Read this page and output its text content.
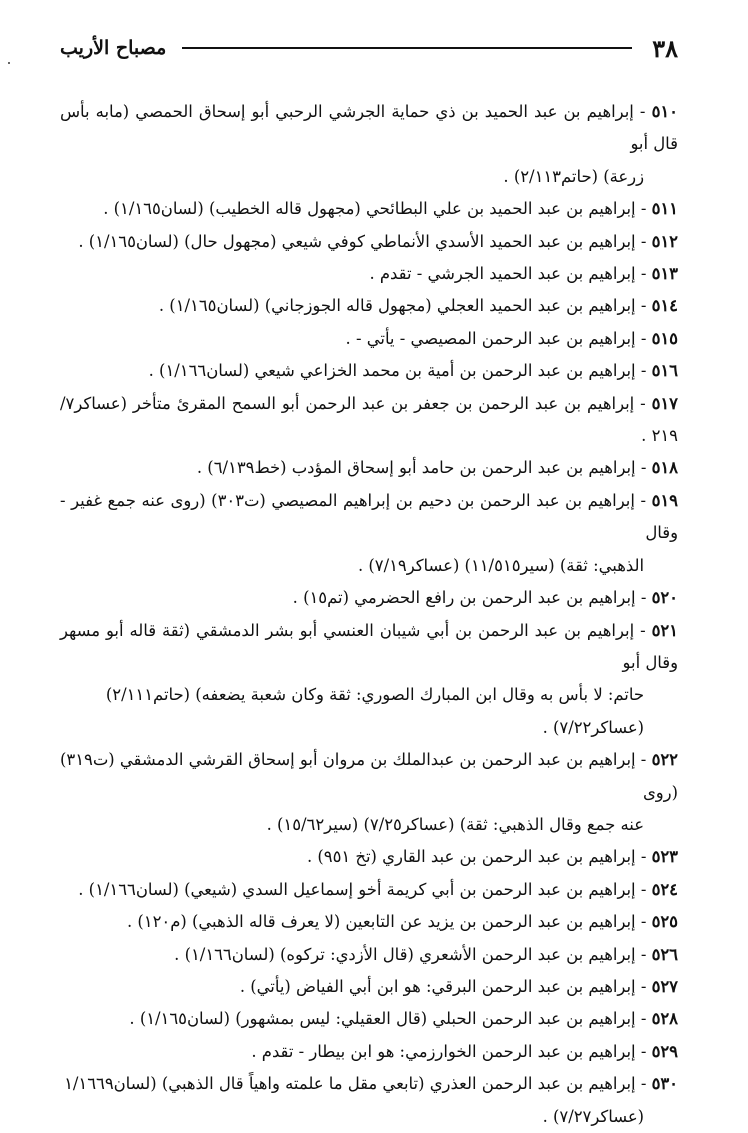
٣٨
مصباح الأريب
٥١٠ - إبراهيم بن عبد الحميد بن ذي حماية الجرشي الرحبي أبو إسحاق الحمصي (مابه بأس قال أبو
زرعة) (حاتم٢/١١٣) .
٥١١ - إبراهيم بن عبد الحميد بن علي البطائحي (مجهول قاله الخطيب) (لسان١/١٦٥) .
٥١٢ - إبراهيم بن عبد الحميد الأسدي الأنماطي كوفي شيعي (مجهول حال) (لسان١/١٦٥) .
٥١٣ - إبراهيم بن عبد الحميد الجرشي - تقدم .
٥١٤ - إبراهيم بن عبد الحميد العجلي (مجهول قاله الجوزجاني) (لسان١/١٦٥) .
٥١٥ - إبراهيم بن عبد الرحمن المصيصي - يأتي - .
٥١٦ - إبراهيم بن عبد الرحمن بن أمية بن محمد الخزاعي شيعي (لسان١/١٦٦) .
٥١٧ - إبراهيم بن عبد الرحمن بن جعفر بن عبد الرحمن أبو السمح المقرئ متأخر (عساكر٧/ ٢١٩ .
٥١٨ - إبراهيم بن عبد الرحمن بن حامد أبو إسحاق المؤدب (خط٦/١٣٩) .
٥١٩ - إبراهيم بن عبد الرحمن بن دحيم بن إبراهيم المصيصي (ت٣٠٣) (روى عنه جمع غفير - وقال
الذهبي: ثقة) (سير١١/٥١٥) (عساكر٧/١٩) .
٥٢٠ - إبراهيم بن عبد الرحمن بن رافع الحضرمي (تم١٥) .
٥٢١ - إبراهيم بن عبد الرحمن بن أبي شيبان العنسي أبو بشر الدمشقي (ثقة قاله أبو مسهر وقال أبو
حاتم: لا بأس به وقال ابن المبارك الصوري: ثقة وكان شعبة يضعفه) (حاتم٢/١١١)
(عساكر٧/٢٢) .
٥٢٢ - إبراهيم بن عبد الرحمن بن عبدالملك بن مروان أبو إسحاق القرشي الدمشقي (ت٣١٩) (روى
عنه جمع وقال الذهبي: ثقة) (عساكر٧/٢٥) (سير١٥/٦٢) .
٥٢٣ - إبراهيم بن عبد الرحمن بن عبد القاري (تخ ٩٥١) .
٥٢٤ - إبراهيم بن عبد الرحمن بن أبي كريمة أخو إسماعيل السدي (شيعي) (لسان١/١٦٦) .
٥٢٥ - إبراهيم بن عبد الرحمن بن يزيد عن التابعين (لا يعرف قاله الذهبي) (م١٢٠) .
٥٢٦ - إبراهيم بن عبد الرحمن الأشعري (قال الأزدي: تركوه) (لسان١/١٦٦) .
٥٢٧ - إبراهيم بن عبد الرحمن البرقي: هو ابن أبي الفياض (يأتي) .
٥٢٨ - إبراهيم بن عبد الرحمن الحبلي (قال العقيلي: ليس بمشهور) (لسان١/١٦٥) .
٥٢٩ - إبراهيم بن عبد الرحمن الخوارزمي: هو ابن بيطار - تقدم .
٥٣٠ - إبراهيم بن عبد الرحمن العذري (تابعي مقل ما علمته واهياً قال الذهبي) (لسان١/١٦٦٩
(عساكر٧/٢٧) .
